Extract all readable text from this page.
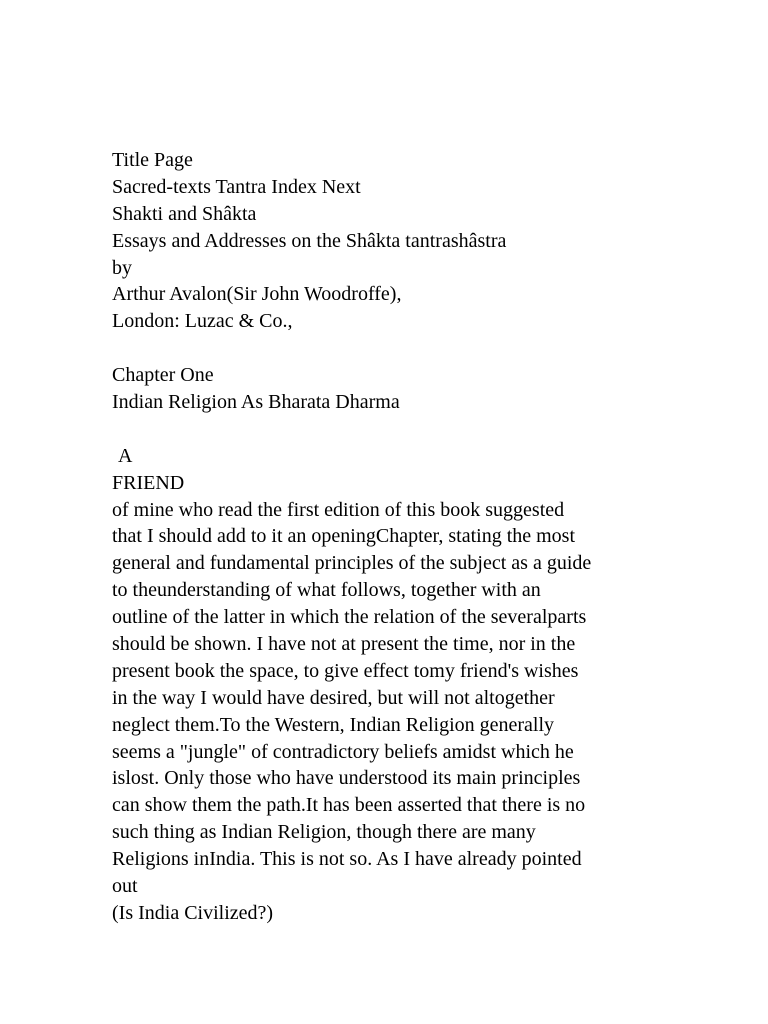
Title Page
Sacred-texts Tantra Index Next
Shakti and Shâkta
Essays and Addresses on the Shâkta tantrashâstra
by
Arthur Avalon(Sir John Woodroffe),
London: Luzac & Co.,
Chapter One
Indian Religion As Bharata Dharma
A
FRIEND
of mine who read the first edition of this book suggested
that I should add to it an openingChapter, stating the most
general and fundamental principles of the subject as a guide
to theunderstanding of what follows, together with an
outline of the latter in which the relation of the severalparts
should be shown. I have not at present the time, nor in the
present book the space, to give effect tomy friend's wishes
in the way I would have desired, but will not altogether
neglect them.To the Western, Indian Religion generally
seems a "jungle" of contradictory beliefs amidst which he
islost. Only those who have understood its main principles
can show them the path.It has been asserted that there is no
such thing as Indian Religion, though there are many
Religions inIndia. This is not so. As I have already pointed
out
(Is India Civilized?)
